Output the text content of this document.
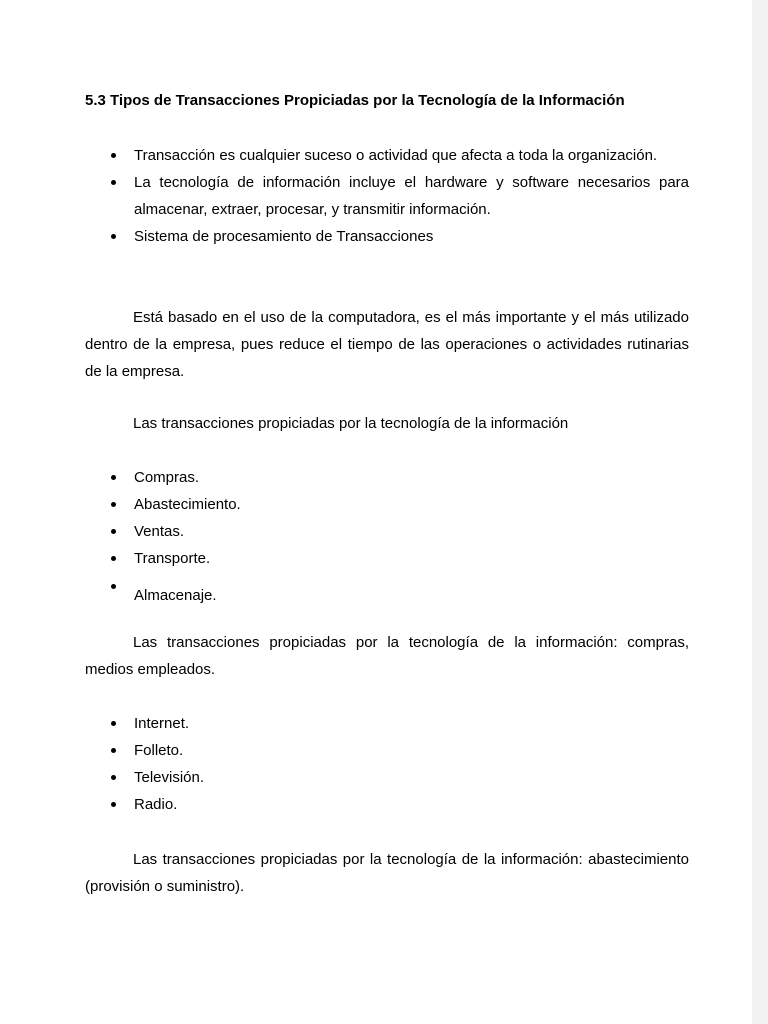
5.3 Tipos de Transacciones Propiciadas por la Tecnología de la Información
Transacción es cualquier suceso o actividad que afecta a toda la organización.
La tecnología de información incluye el hardware y software necesarios para almacenar, extraer, procesar, y transmitir información.
Sistema de procesamiento de Transacciones

Está basado en el uso de la computadora, es el más importante y el más utilizado dentro de la empresa, pues reduce el tiempo de las operaciones o actividades rutinarias de la empresa.

Las transacciones propiciadas por la tecnología de la información

Compras.
Abastecimiento.
Ventas.
Transporte.
Almacenaje.

Las transacciones propiciadas por la tecnología de la información: compras, medios empleados.

Internet.
Folleto.
Televisión.
Radio.

Las transacciones propiciadas por la tecnología de la información: abastecimiento (provisión o suministro).
